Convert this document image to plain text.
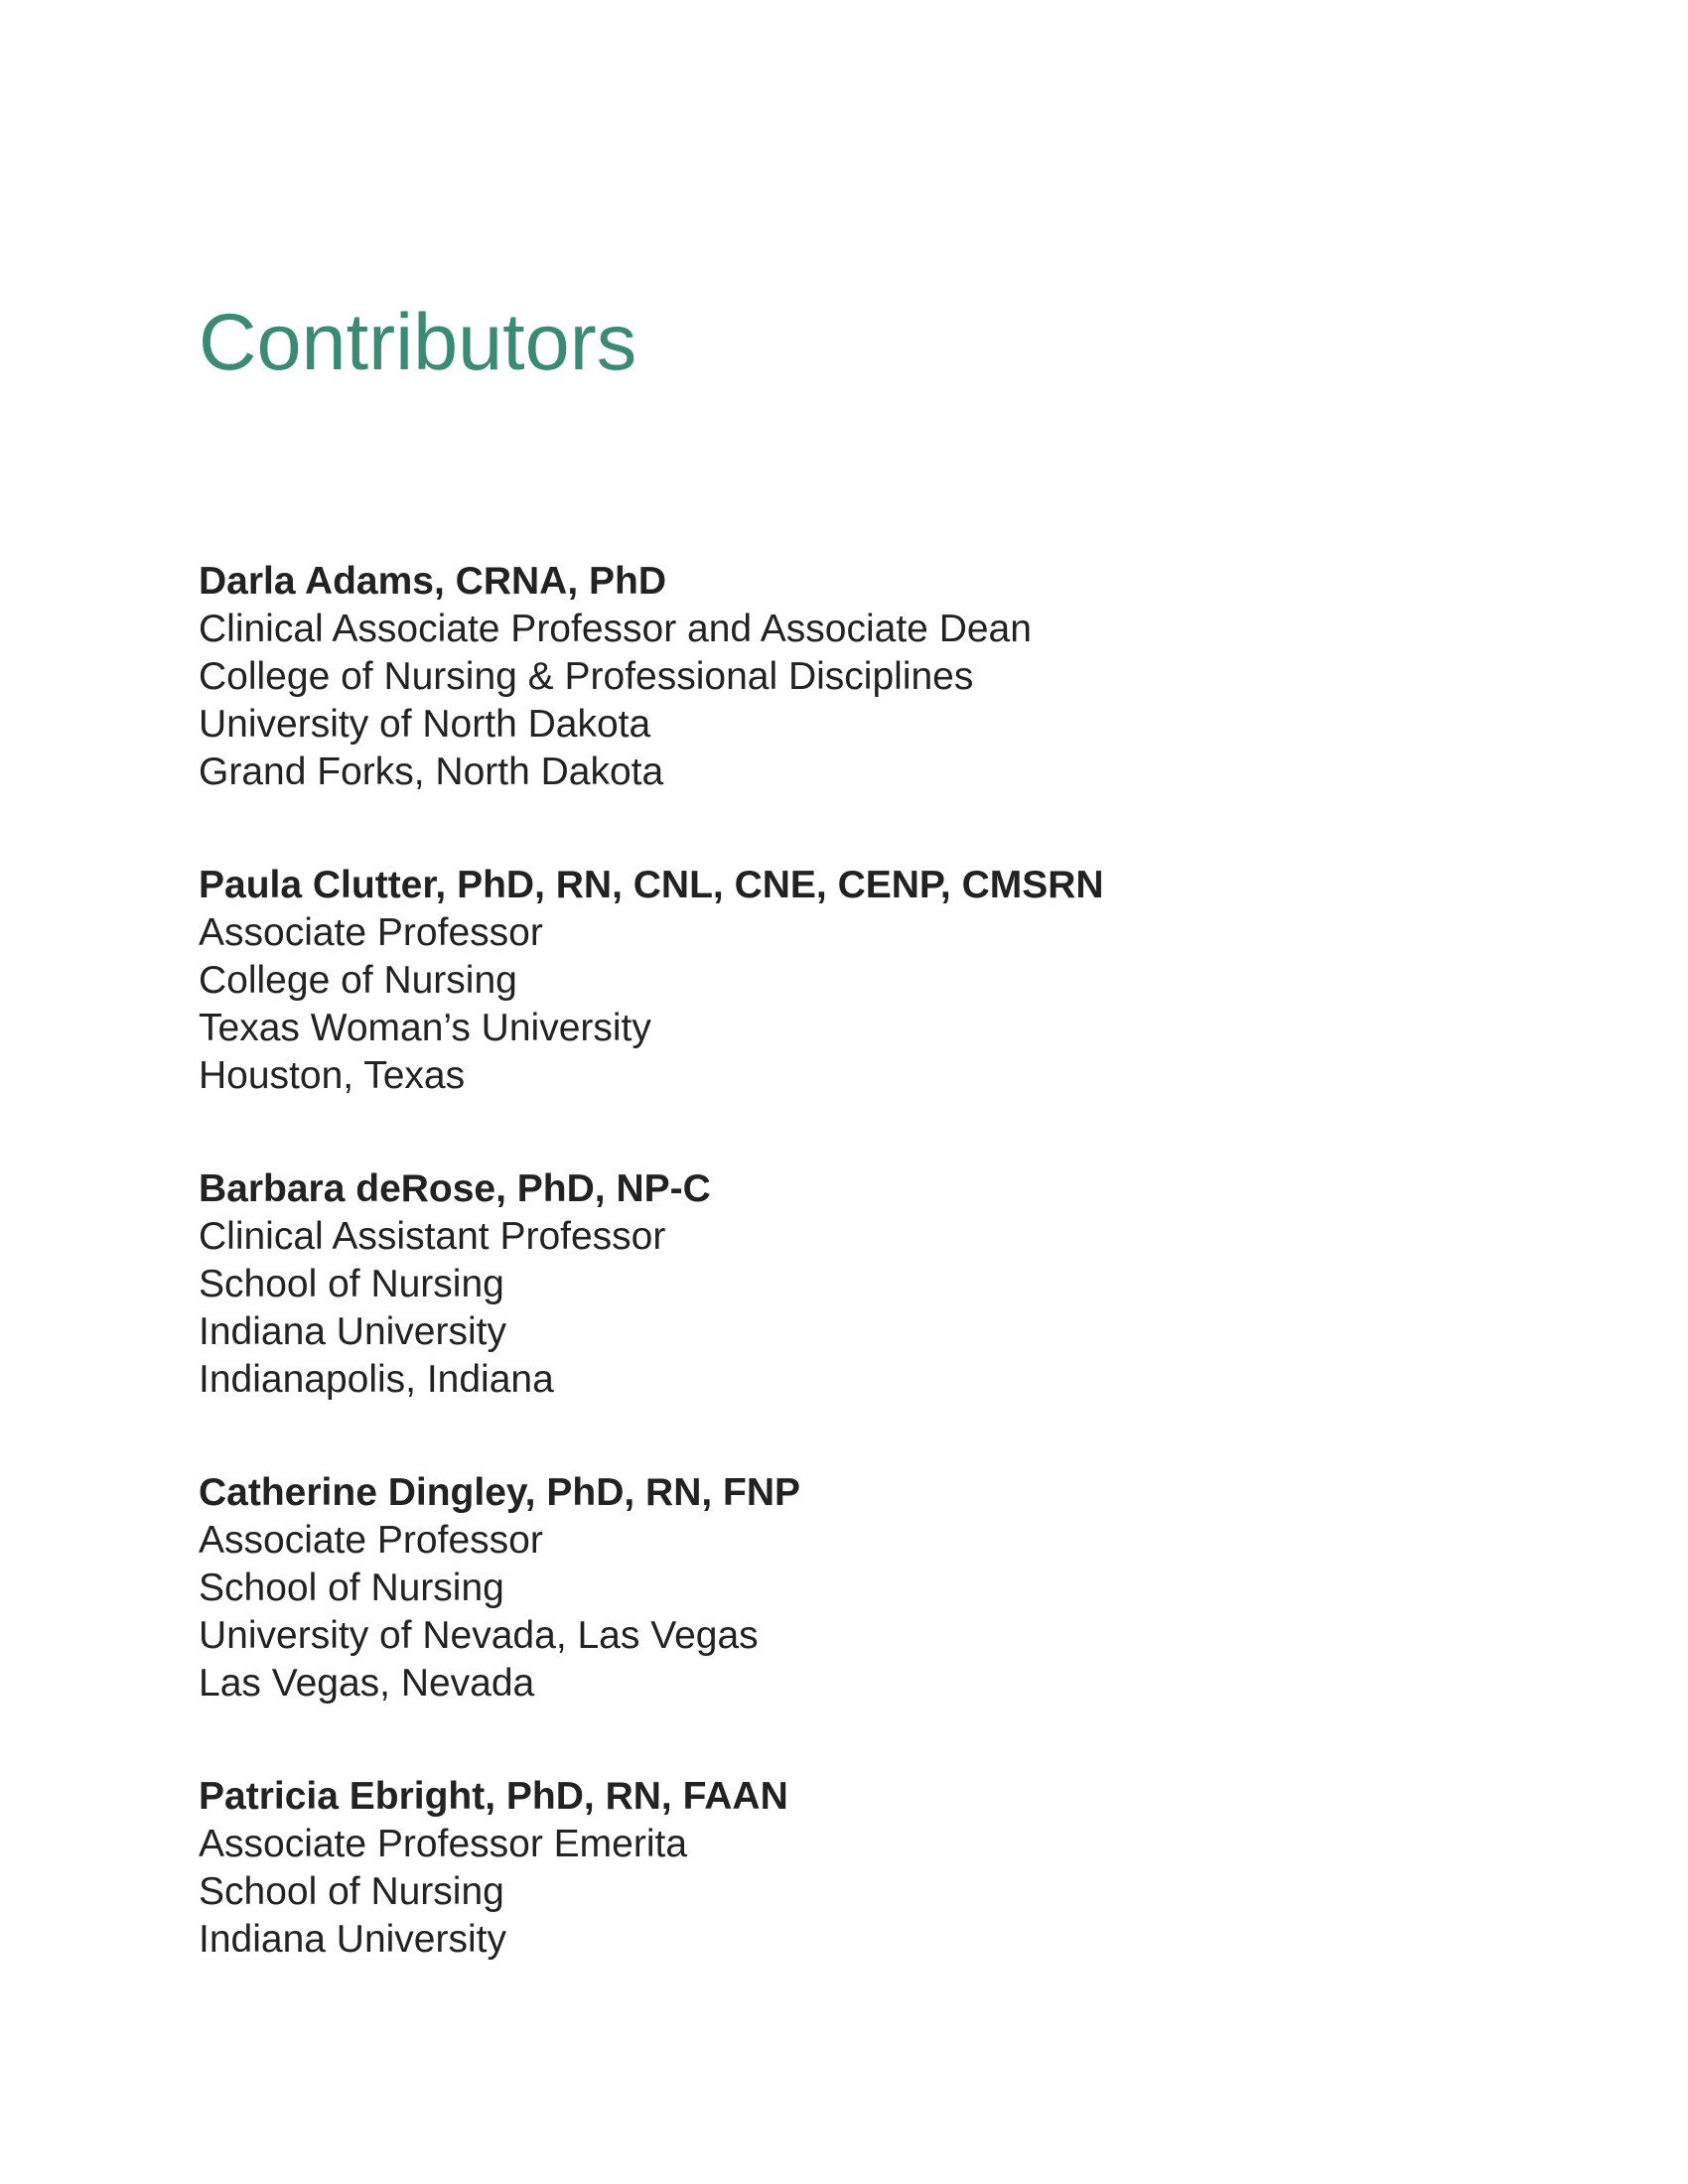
Contributors
Darla Adams, CRNA, PhD
Clinical Associate Professor and Associate Dean
College of Nursing & Professional Disciplines
University of North Dakota
Grand Forks, North Dakota
Paula Clutter, PhD, RN, CNL, CNE, CENP, CMSRN
Associate Professor
College of Nursing
Texas Woman’s University
Houston, Texas
Barbara deRose, PhD, NP-C
Clinical Assistant Professor
School of Nursing
Indiana University
Indianapolis, Indiana
Catherine Dingley, PhD, RN, FNP
Associate Professor
School of Nursing
University of Nevada, Las Vegas
Las Vegas, Nevada
Patricia Ebright, PhD, RN, FAAN
Associate Professor Emerita
School of Nursing
Indiana University
